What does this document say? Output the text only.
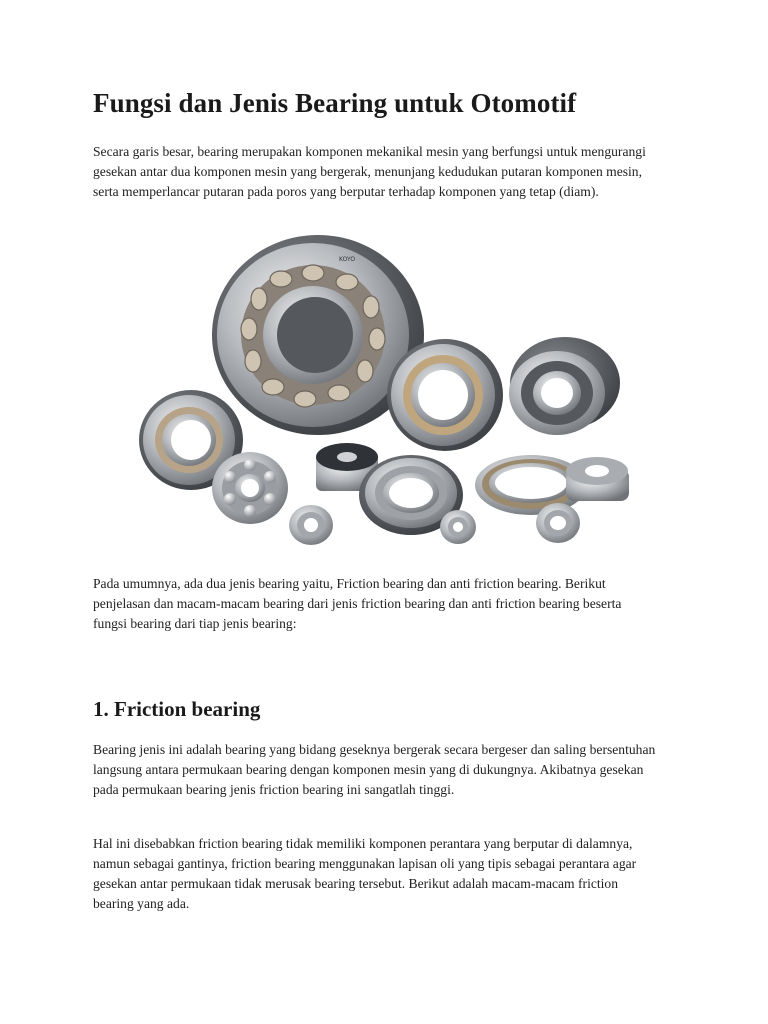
Fungsi dan Jenis Bearing untuk Otomotif

Secara garis besar, bearing merupakan komponen mekanikal mesin yang berfungsi untuk mengurangi gesekan antar dua komponen mesin yang bergerak, menunjang kedudukan putaran komponen mesin, serta memperlancar putaran pada poros yang berputar terhadap komponen yang tetap (diam).

Pada umumnya, ada dua jenis bearing yaitu, Friction bearing dan anti friction bearing. Berikut penjelasan dan macam-macam bearing dari jenis friction bearing dan anti friction bearing beserta fungsi bearing dari tiap jenis bearing:

1. Friction bearing

Bearing jenis ini adalah bearing yang bidang geseknya bergerak secara bergeser dan saling bersentuhan langsung antara permukaan bearing dengan komponen mesin yang di dukungnya. Akibatnya gesekan pada permukaan bearing jenis friction bearing ini sangatlah tinggi.

Hal ini disebabkan friction bearing tidak memiliki komponen perantara yang berputar di dalamnya, namun sebagai gantinya, friction bearing menggunakan lapisan oli yang tipis sebagai perantara agar gesekan antar permukaan tidak merusak bearing tersebut. Berikut adalah macam-macam friction bearing yang ada.

KOYO
